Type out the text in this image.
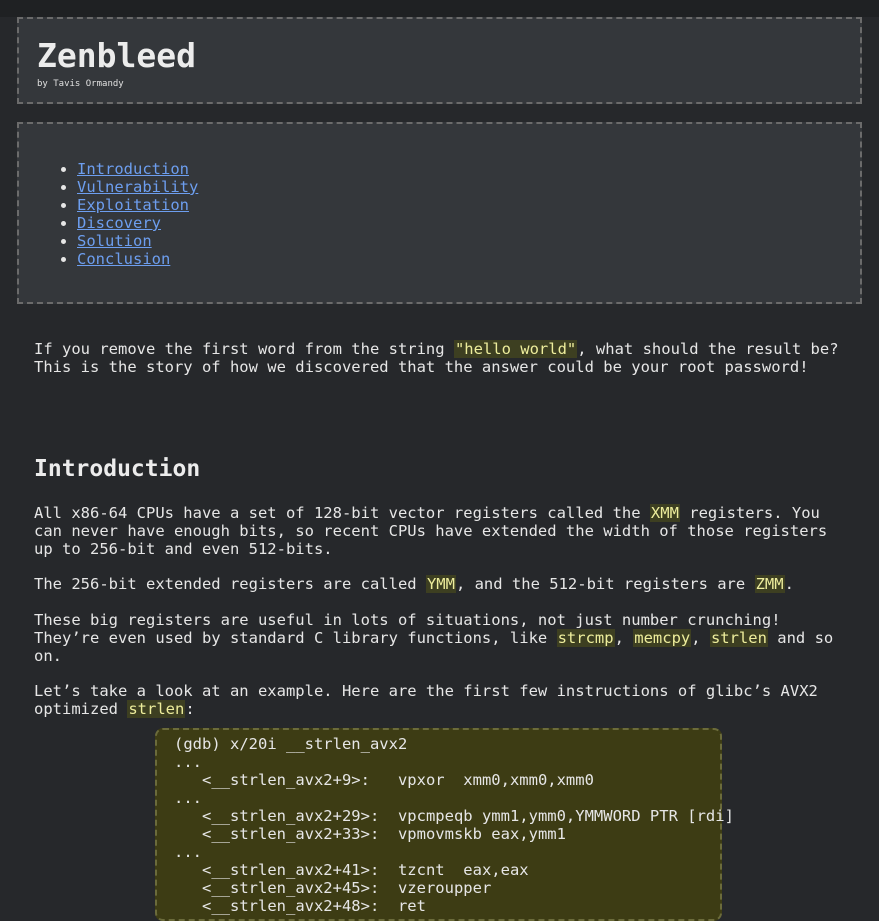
Zenbleed
by Tavis Ormandy
• Introduction
• Vulnerability
• Exploitation
• Discovery
• Solution
• Conclusion

If you remove the first word from the string "hello world", what should the result be? This is the story of how we discovered that the answer could be your root password!

Introduction

All x86-64 CPUs have a set of 128-bit vector registers called the XMM registers. You can never have enough bits, so recent CPUs have extended the width of those registers up to 256-bit and even 512-bits.

The 256-bit extended registers are called YMM, and the 512-bit registers are ZMM.

These big registers are useful in lots of situations, not just number crunching! They’re even used by standard C library functions, like strcmp, memcpy, strlen and so on.

Let’s take a look at an example. Here are the first few instructions of glibc’s AVX2 optimized strlen:

(gdb) x/20i __strlen_avx2
...
<__strlen_avx2+9>:   vpxor  xmm0,xmm0,xmm0
...
<__strlen_avx2+29>:  vpcmpeqb ymm1,ymm0,YMMWORD PTR [rdi]
<__strlen_avx2+33>:  vpmovmskb eax,ymm1
...
<__strlen_avx2+41>:  tzcnt  eax,eax
<__strlen_avx2+45>:  vzeroupper
<__strlen_avx2+48>:  ret
